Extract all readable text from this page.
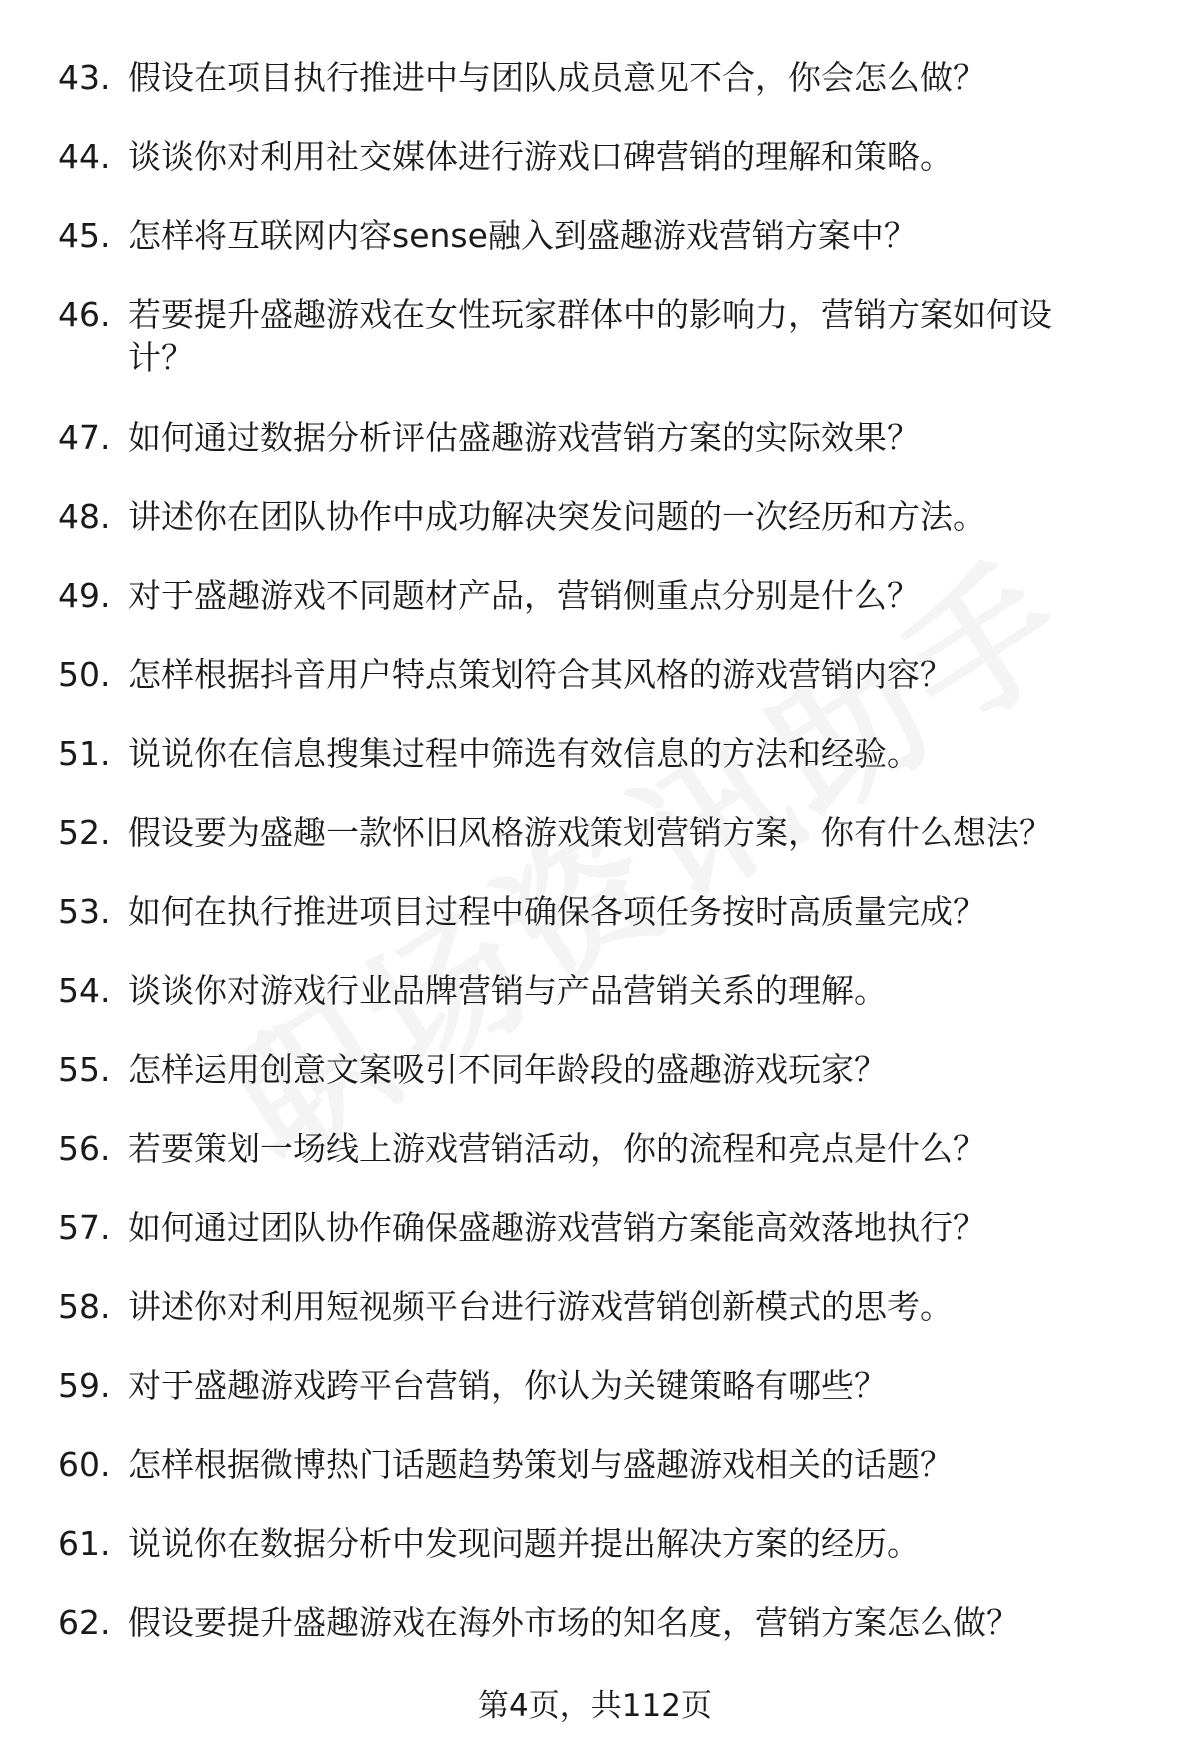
43. 假设在项目执行推进中与团队成员意见不合，你会怎么做？
44. 谈谈你对利用社交媒体进行游戏口碑营销的理解和策略。
45. 怎样将互联网内容sense融入到盛趣游戏营销方案中？
46. 若要提升盛趣游戏在女性玩家群体中的影响力，营销方案如何设
计？
47. 如何通过数据分析评估盛趣游戏营销方案的实际效果？
48. 讲述你在团队协作中成功解决突发问题的一次经历和方法。
49. 对于盛趣游戏不同题材产品，营销侧重点分别是什么？
50. 怎样根据抖音用户特点策划符合其风格的游戏营销内容？
51. 说说你在信息搜集过程中筛选有效信息的方法和经验。
52. 假设要为盛趣一款怀旧风格游戏策划营销方案，你有什么想法？
53. 如何在执行推进项目过程中确保各项任务按时高质量完成？
54. 谈谈你对游戏行业品牌营销与产品营销关系的理解。
55. 怎样运用创意文案吸引不同年龄段的盛趣游戏玩家？
56. 若要策划一场线上游戏营销活动，你的流程和亮点是什么？
57. 如何通过团队协作确保盛趣游戏营销方案能高效落地执行？
58. 讲述你对利用短视频平台进行游戏营销创新模式的思考。
59. 对于盛趣游戏跨平台营销，你认为关键策略有哪些？
60. 怎样根据微博热门话题趋势策划与盛趣游戏相关的话题？
61. 说说你在数据分析中发现问题并提出解决方案的经历。
62. 假设要提升盛趣游戏在海外市场的知名度，营销方案怎么做？
第4页，共112页
